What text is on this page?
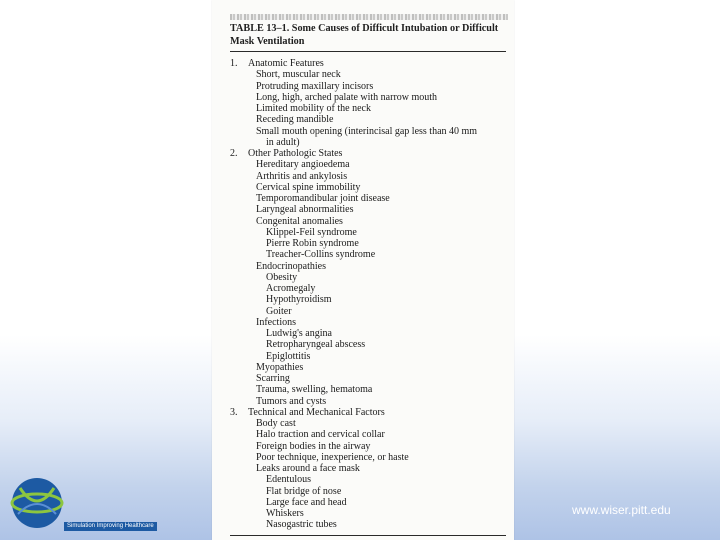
TABLE 13–1. Some Causes of Difficult Intubation or Difficult
Mask Ventilation
1. Anatomic Features
Short, muscular neck
Protruding maxillary incisors
Long, high, arched palate with narrow mouth
Limited mobility of the neck
Receding mandible
Small mouth opening (interincisal gap less than 40 mm
in adult)
2. Other Pathologic States
Hereditary angioedema
Arthritis and ankylosis
Cervical spine immobility
Temporomandibular joint disease
Laryngeal abnormalities
Congenital anomalies
Klippel-Feil syndrome
Pierre Robin syndrome
Treacher-Collins syndrome
Endocrinopathies
Obesity
Acromegaly
Hypothyroidism
Goiter
Infections
Ludwig's angina
Retropharyngeal abscess
Epiglottitis
Myopathies
Scarring
Trauma, swelling, hematoma
Tumors and cysts
3. Technical and Mechanical Factors
Body cast
Halo traction and cervical collar
Foreign bodies in the airway
Poor technique, inexperience, or haste
Leaks around a face mask
Edentulous
Flat bridge of nose
Large face and head
Whiskers
Nasogastric tubes
Simulation Improving Healthcare
www.wiser.pitt.edu
